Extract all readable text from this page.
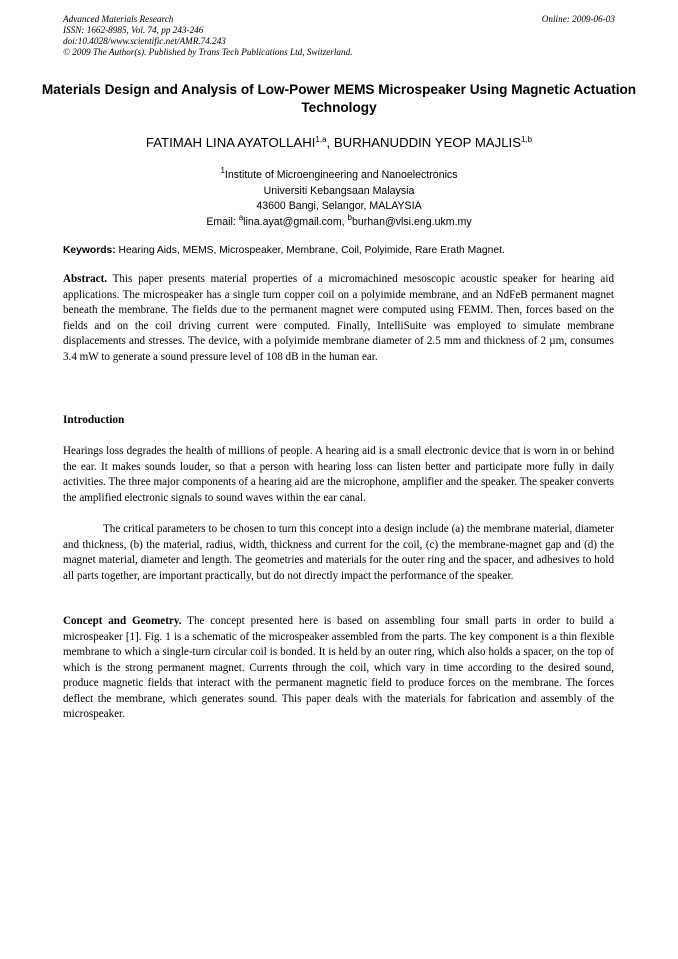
Advanced Materials Research	Online: 2009-06-03
ISSN: 1662-8985, Vol. 74, pp 243-246
doi:10.4028/www.scientific.net/AMR.74.243
© 2009 The Author(s). Published by Trans Tech Publications Ltd, Switzerland.
Materials Design and Analysis of Low-Power MEMS Microspeaker Using Magnetic Actuation Technology
FATIMAH LINA AYATOLLAHI$^{1,a}$, BURHANUDDIN YEOP MAJLIS$^{1,b}$
$^1$Institute of Microengineering and Nanoelectronics
Universiti Kebangsaan Malaysia
43600 Bangi, Selangor, MALAYSIA
Email: $^a$lina.ayat@gmail.com, $^b$burhan@vlsi.eng.ukm.my
Keywords: Hearing Aids, MEMS, Microspeaker, Membrane, Coil, Polyimide, Rare Erath Magnet.
Abstract. This paper presents material properties of a micromachined mesoscopic acoustic speaker for hearing aid applications. The microspeaker has a single turn copper coil on a polyimide membrane, and an NdFeB permanent magnet beneath the membrane. The fields due to the permanent magnet were computed using FEMM. Then, forces based on the fields and on the coil driving current were computed. Finally, IntelliSuite was employed to simulate membrane displacements and stresses. The device, with a polyimide membrane diameter of 2.5 mm and thickness of 2 µm, consumes 3.4 mW to generate a sound pressure level of 108 dB in the human ear.
Introduction
Hearings loss degrades the health of millions of people. A hearing aid is a small electronic device that is worn in or behind the ear. It makes sounds louder, so that a person with hearing loss can listen better and participate more fully in daily activities. The three major components of a hearing aid are the microphone, amplifier and the speaker. The speaker converts the amplified electronic signals to sound waves within the ear canal.
The critical parameters to be chosen to turn this concept into a design include (a) the membrane material, diameter and thickness, (b) the material, radius, width, thickness and current for the coil, (c) the membrane-magnet gap and (d) the magnet material, diameter and length. The geometries and materials for the outer ring and the spacer, and adhesives to hold all parts together, are important practically, but do not directly impact the performance of the speaker.
Concept and Geometry. The concept presented here is based on assembling four small parts in order to build a microspeaker [1]. Fig. 1 is a schematic of the microspeaker assembled from the parts. The key component is a thin flexible membrane to which a single-turn circular coil is bonded. It is held by an outer ring, which also holds a spacer, on the top of which is the strong permanent magnet. Currents through the coil, which vary in time according to the desired sound, produce magnetic fields that interact with the permanent magnetic field to produce forces on the membrane. The forces deflect the membrane, which generates sound. This paper deals with the materials for fabrication and assembly of the microspeaker.
